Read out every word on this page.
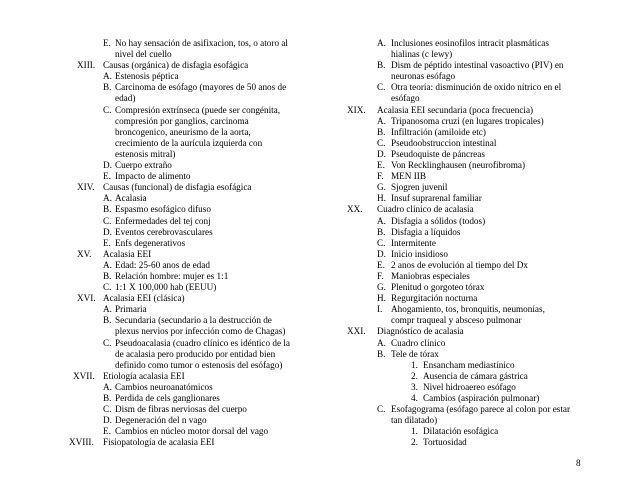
E. No hay sensación de asifixacion, tos, o atoro al
nivel del cuello
XIII. Causas (orgánica) de disfagia esofágica
A. Estenosis péptica
B. Carcinoma de esófago (mayores de 50 anos de
edad)
C. Compresión extrínseca (puede ser congénita,
compresión por ganglios, carcinoma
broncogenico, aneurismo de la aorta,
crecimiento de la aurícula izquierda con
estenosis mitral)
D. Cuerpo extraño
E. Impacto de alimento
XIV. Causas (funcional) de disfagia esofágica
A. Acalasia
B. Espasmo esofágico difuso
C. Enfermedades del tej conj
D. Eventos cerebrovasculares
E. Enfs degenerativos
XV. Acalasia EEI
A. Edad: 25-60 anos de edad
B. Relación hombre: mujer es 1:1
C. 1:1 X 100,000 hab (EEUU)
XVI. Acalasia EEI (clásica)
A. Primaria
B. Secundaria (secundario a la destrucción de
plexus nervios por infección como de Chagas)
C. Pseudoacalasia (cuadro clínico es idéntico de la
de acalasia pero producido por entidad bien
definido como tumor o estenosis del esófago)
XVII. Etiología acalasia EEI
A. Cambios neuroanatómicos
B. Perdida de cels ganglionares
C. Dism de fibras nerviosas del cuerpo
D. Degeneración del n vago
E. Cambios en núcleo motor dorsal del vago
XVIII. Fisiopatología de acalasia EEI
A. Inclusiones eosinofilos intracit plasmáticas
hialinas (c lewy)
B. Dism de péptido intestinal vasoactivo (PIV) en
neuronas esófago
C. Otra teoría: disminución de oxido nítrico en el
esófago
XIX. Acalasia EEI secundaria (poca frecuencia)
A. Tripanosoma cruzi (en lugares tropicales)
B. Infiltración (amiloide etc)
C. Pseudoobstruccion intestinal
D. Pseudoquiste de páncreas
E. Von Recklinghausen (neurofibroma)
F. MEN IIB
G. Sjogren juvenil
H. Insuf suprarenal familiar
XX. Cuadro clínico de acalasia
A. Disfagia a sólidos (todos)
B. Disfagia a líquidos
C. Intermitente
D. Inicio insidioso
E. 2 anos de evolución al tiempo del Dx
F. Maniobras especiales
G. Plenitud o gorgoteo tórax
H. Regurgitación nocturna
I. Ahogamiento, tos, bronquitis, neumonías,
compr traqueal y absceso pulmonar
XXI. Diagnóstico de acalasia
A. Cuadro clínico
B. Tele de tórax
1. Ensancham mediastínico
2. Ausencia de cámara gástrica
3. Nivel hidroaereo esófago
4. Cambios (aspiración pulmonar)
C. Esofagograma (esófago parece al colon por estar
tan dilatado)
1. Dilatación esofágica
2. Tortuosidad
8
